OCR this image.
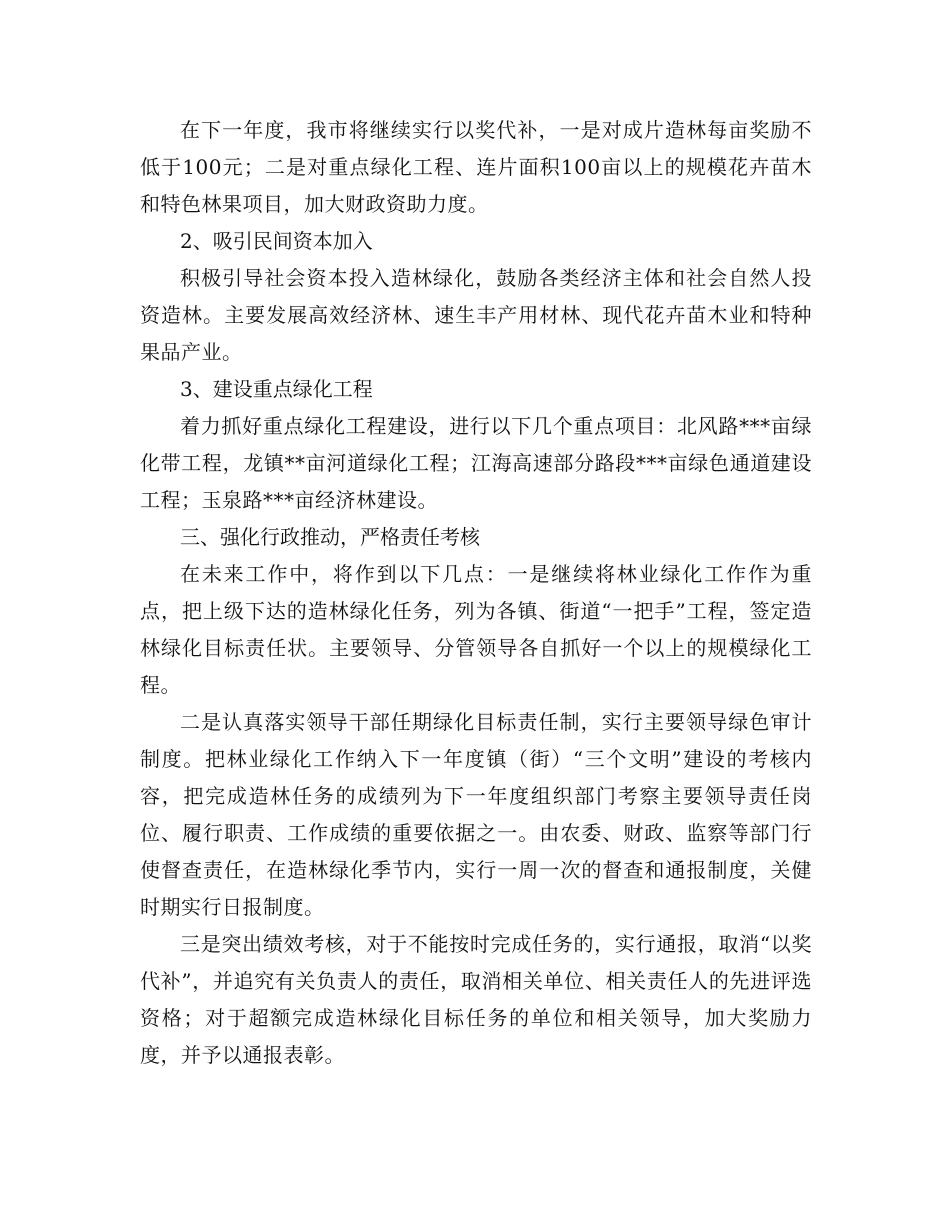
在下一年度，我市将继续实行以奖代补，一是对成片造林每亩奖励不低于100元；二是对重点绿化工程、连片面积100亩以上的规模花卉苗木和特色林果项目，加大财政资助力度。

2、吸引民间资本加入

积极引导社会资本投入造林绿化，鼓励各类经济主体和社会自然人投资造林。主要发展高效经济林、速生丰产用材林、现代花卉苗木业和特种果品产业。

3、建设重点绿化工程

着力抓好重点绿化工程建设，进行以下几个重点项目：北风路***亩绿化带工程，龙镇**亩河道绿化工程；江海高速部分路段***亩绿色通道建设工程；玉泉路***亩经济林建设。

三、强化行政推动，严格责任考核

在未来工作中，将作到以下几点：一是继续将林业绿化工作作为重点，把上级下达的造林绿化任务，列为各镇、街道“一把手”工程，签定造林绿化目标责任状。主要领导、分管领导各自抓好一个以上的规模绿化工程。

二是认真落实领导干部任期绿化目标责任制，实行主要领导绿色审计制度。把林业绿化工作纳入下一年度镇（街）“三个文明”建设的考核内容，把完成造林任务的成绩列为下一年度组织部门考察主要领导责任岗位、履行职责、工作成绩的重要依据之一。由农委、财政、监察等部门行使督查责任，在造林绿化季节内，实行一周一次的督查和通报制度，关健时期实行日报制度。

三是突出绩效考核，对于不能按时完成任务的，实行通报，取消“以奖代补”，并追究有关负责人的责任，取消相关单位、相关责任人的先进评选资格；对于超额完成造林绿化目标任务的单位和相关领导，加大奖励力度，并予以通报表彰。
